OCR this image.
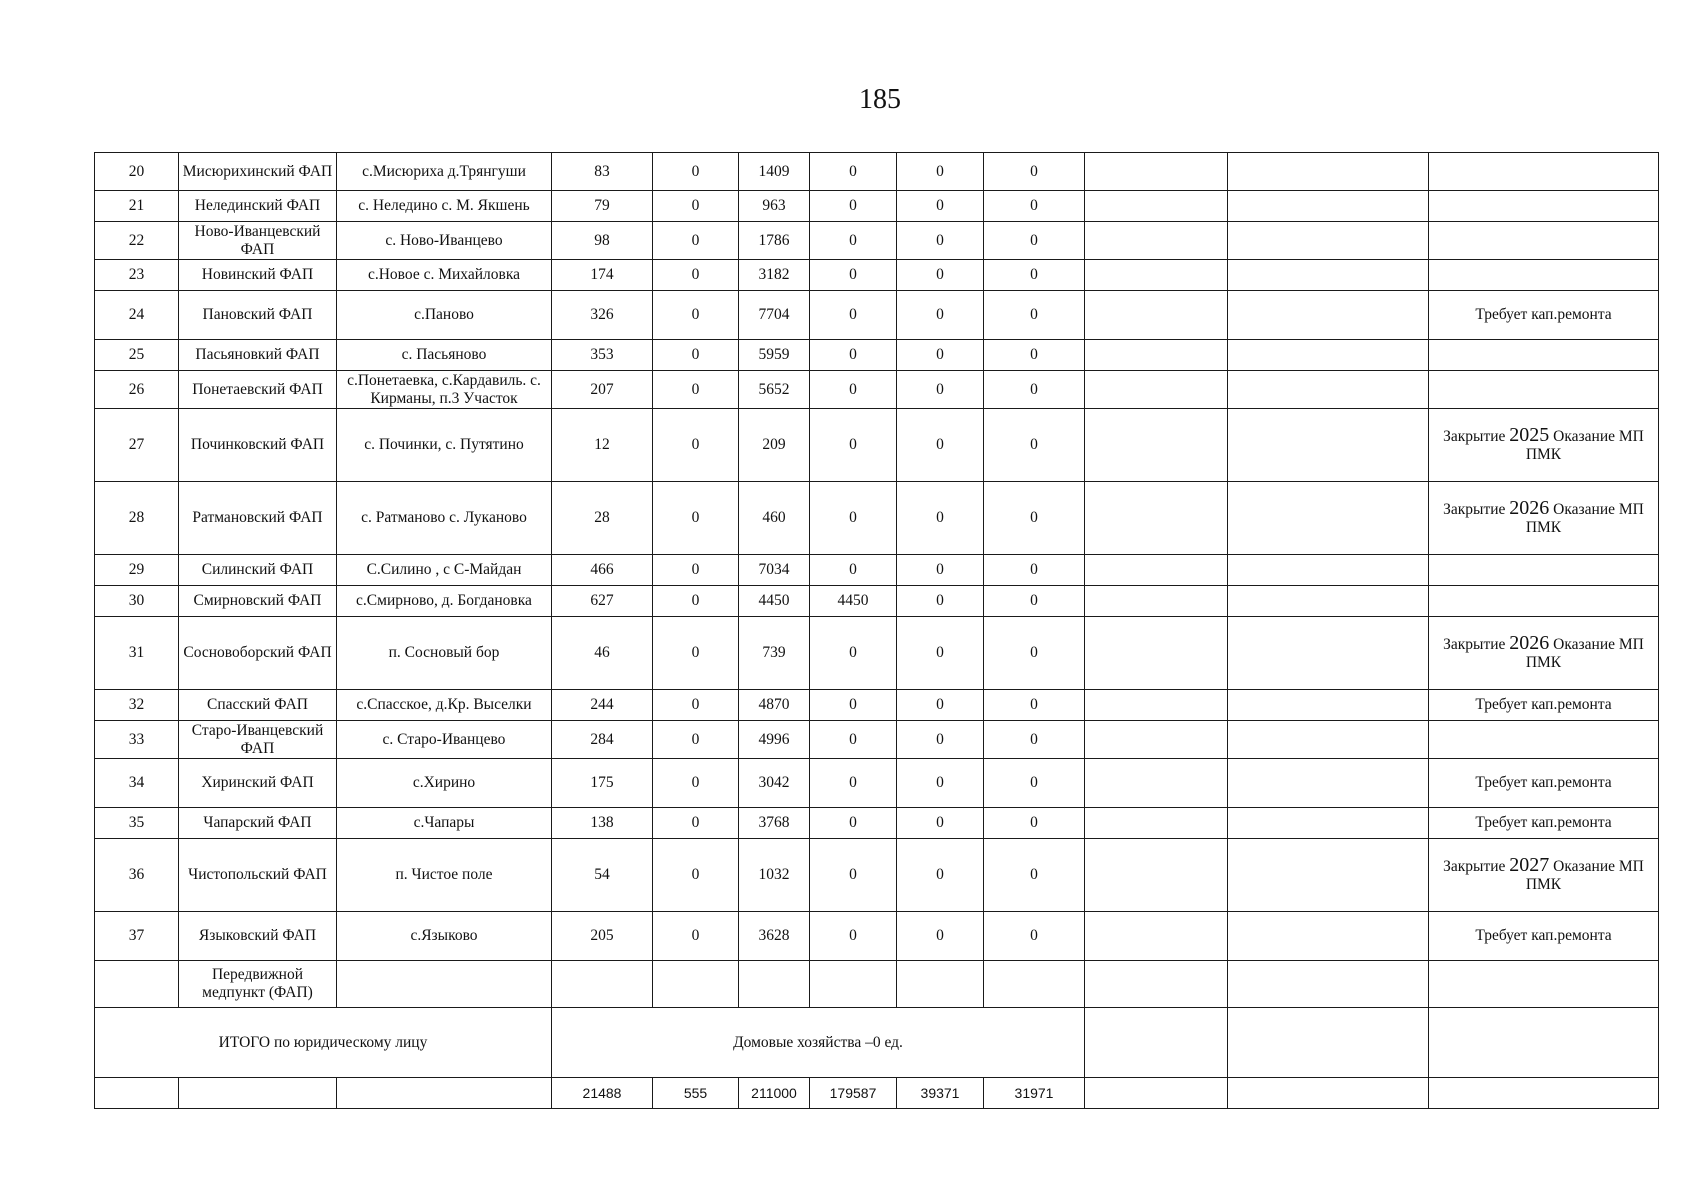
185
20	Мисюрихинский ФАП	с.Мисюриха д.Трянгуши	83	0	1409	0	0	0			
21	Нелединский ФАП	с. Неледино с. М. Якшень	79	0	963	0	0	0			
22	Ново-Иванцевский ФАП	с. Ново-Иванцево	98	0	1786	0	0	0			
23	Новинский ФАП	с.Новое с. Михайловка	174	0	3182	0	0	0			
24	Пановский ФАП	с.Паново	326	0	7704	0	0	0			Требует кап.ремонта
25	Пасьяновкий ФАП	с. Пасьяново	353	0	5959	0	0	0			
26	Понетаевский ФАП	с.Понетаевка, с.Кардавиль. с. Кирманы, п.3 Участок	207	0	5652	0	0	0			
27	Починковский ФАП	с. Починки, с. Путятино	12	0	209	0	0	0			Закрытие 2025 Оказание МП ПМК
28	Ратмановский ФАП	с. Ратманово с. Луканово	28	0	460	0	0	0			Закрытие 2026 Оказание МП ПМК
29	Силинский ФАП	С.Силино , с С-Майдан	466	0	7034	0	0	0			
30	Смирновский ФАП	с.Смирново, д. Богдановка	627	0	4450	4450	0	0			
31	Сосновоборский ФАП	п. Сосновый бор	46	0	739	0	0	0			Закрытие 2026 Оказание МП ПМК
32	Спасский ФАП	с.Спасское, д.Кр. Выселки	244	0	4870	0	0	0			Требует кап.ремонта
33	Старо-Иванцевский ФАП	с. Старо-Иванцево	284	0	4996	0	0	0			
34	Хиринский ФАП	с.Хирино	175	0	3042	0	0	0			Требует кап.ремонта
35	Чапарский ФАП	с.Чапары	138	0	3768	0	0	0			Требует кап.ремонта
36	Чистопольский ФАП	п. Чистое поле	54	0	1032	0	0	0			Закрытие 2027 Оказание МП ПМК
37	Языковский ФАП	с.Языково	205	0	3628	0	0	0			Требует кап.ремонта
	Передвижной медпункт (ФАП)										
ИТОГО по юридическому лицу			Домовые хозяйства –0 ед.								
			21488	555	211000	179587	39371	31971			
